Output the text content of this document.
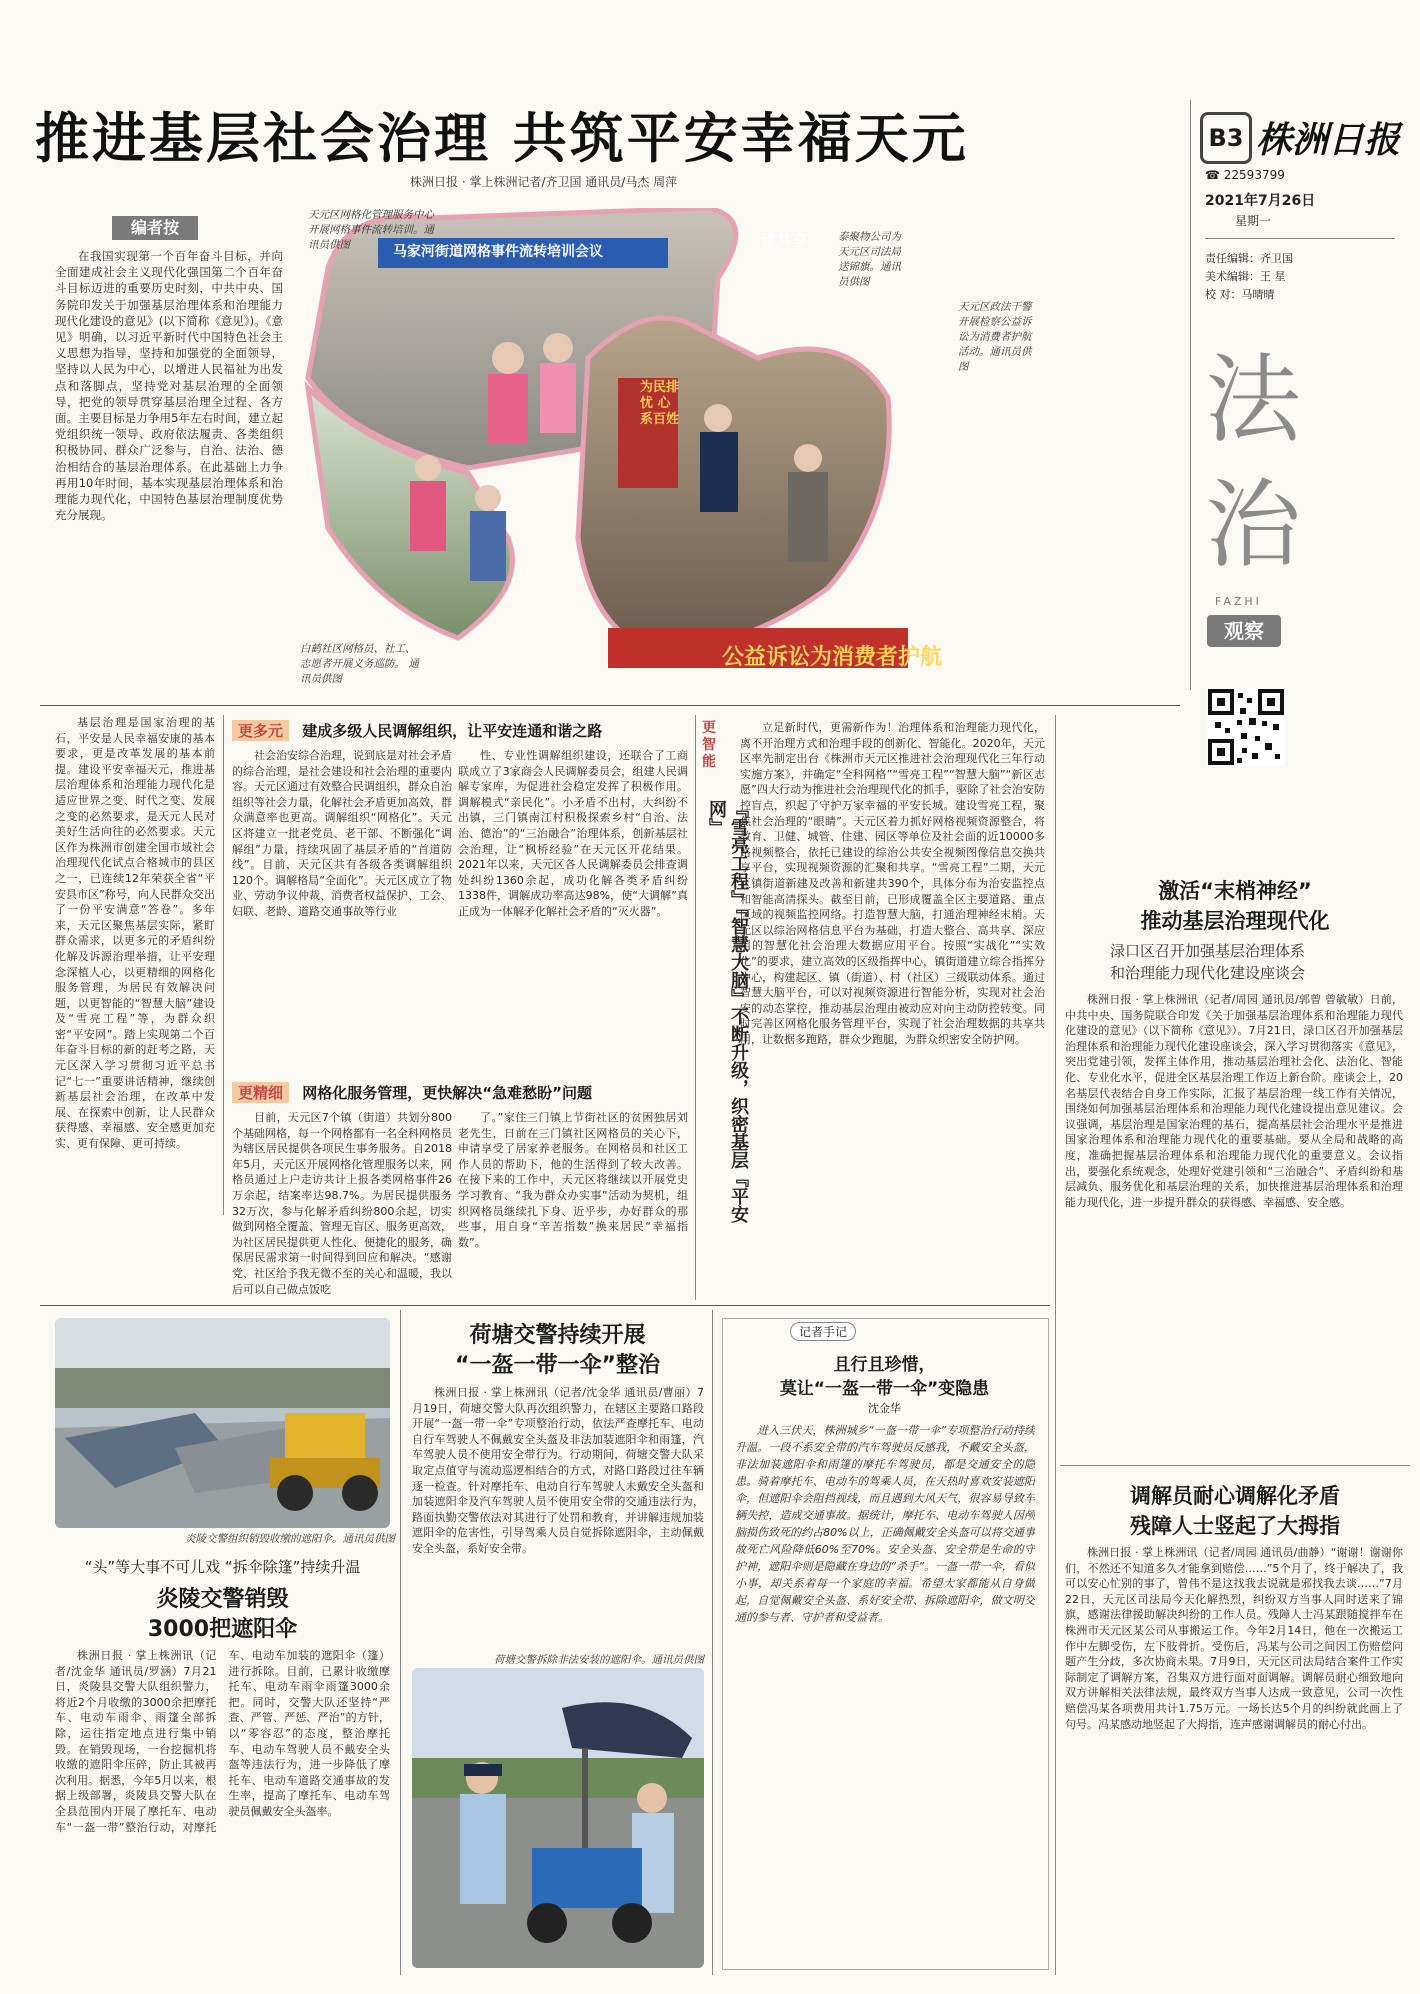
推进基层社会治理 共筑平安幸福天元
株洲日报 · 掌上株洲记者/齐卫国 通讯员/马杰 周萍
B3 株洲日报
☎ 22593799
2021年7月26日
星期一
责任编辑：齐卫国
美术编辑：王 星
校 对：马晴晴
法
治
FAZHI
观察
编者按

在我国实现第一个百年奋斗目标，并向全面建成社会主义现代化强国第二个百年奋斗目标迈进的重要历史时刻，中共中央、国务院印发关于加强基层治理体系和治理能力现代化建设的意见》(以下简称《意见》)。《意见》明确，以习近平新时代中国特色社会主义思想为指导，坚持和加强党的全面领导，坚持以人民为中心，以增进人民福祉为出发点和落脚点，坚持党对基层治理的全面领导，把党的领导贯穿基层治理全过程、各方面。主要目标是力争用5年左右时间，建立起党组织统一领导、政府依法履责、各类组织积极协同、群众广泛参与，自治、法治、德治相结合的基层治理体系。在此基础上力争再用10年时间，基本实现基层治理体系和治理能力现代化，中国特色基层治理制度优势充分展现。

马家河街道网格事件流转培训会议
建共享
为民排忧 心系百姓
公益诉讼为消费者护航
天元区网格化管理服务中心开展网格事件流转培训。通讯员供图
泰聚物公司为天元区司法局送锦旗。通讯员供图
天元区政法干警开展检察公益诉讼为消费者护航活动。通讯员供图
白鹤社区网格员、社工、志愿者开展义务巡防。 通讯员供图

基层治理是国家治理的基石，平安是人民幸福安康的基本要求，更是改革发展的基本前提。建设平安幸福天元，推进基层治理体系和治理能力现代化是适应世界之变、时代之变、发展之变的必然要求，是天元人民对美好生活向往的必然要求。天元区作为株洲市创建全国市域社会治理现代化试点合格城市的县区之一，已连续12年荣获全省“平安县市区”称号，向人民群众交出了一份平安满意“答卷”。多年来，天元区聚焦基层实际，紧盯群众需求，以更多元的矛盾纠纷化解及诉源治理举措，让平安理念深植人心，以更精细的网格化服务管理，为居民有效解决问题，以更智能的“智慧大脑”建设及“雪亮工程”等，为群众织密“平安网”。踏上实现第二个百年奋斗目标的新的赶考之路，天元区深入学习贯彻习近平总书记“七一”重要讲话精神，继续创新基层社会治理，在改革中发展、在探索中创新，让人民群众获得感、幸福感、安全感更加充实、更有保障、更可持续。

更多元 建成多级人民调解组织，让平安连通和谐之路

社会治安综合治理，说到底是对社会矛盾的综合治理，是社会建设和社会治理的重要内容。天元区通过有效整合民调组织，群众自治组织等社会力量，化解社会矛盾更加高效，群众满意率也更高。调解组织“网格化”。天元区将建立一批老党员、老干部、不断强化“调解组”力量，持续巩固了基层矛盾的“首道防线”。目前，天元区共有各级各类调解组织120个。调解格局“全面化”。天元区成立了物业、劳动争议仲裁、消费者权益保护、工会、妇联、老龄、道路交通事故等行业

性、专业性调解组织建设，还联合了工商联成立了3家商会人民调解委员会，组建人民调解专家库，为促进社会稳定发挥了积极作用。调解模式“亲民化”。小矛盾不出村，大纠纷不出镇，三门镇南江村积极探索乡村“自治、法治、德治”的“三治融合”治理体系，创新基层社会治理，让“枫桥经验”在天元区开花结果。2021年以来，天元区各人民调解委员会排查调处纠纷1360余起，成功化解各类矛盾纠纷1338件，调解成功率高达98%，使“大调解”真正成为一体解矛化解社会矛盾的“灭火器”。

更精细 网格化服务管理，更快解决“急难愁盼”问题

目前，天元区7个镇（街道）共划分800个基础网格，每一个网格都有一名全科网格员为辖区居民提供各项民生事务服务。自2018年5月，天元区开展网格化管理服务以来，网格员通过上户走访共计上报各类网格事件26万余起，结案率达98.7%。为居民提供服务32万次，参与化解矛盾纠纷800余起，切实做到网格全覆盖、管理无盲区、服务更高效，为社区居民提供更人性化、便捷化的服务，确保居民需求第一时间得到回应和解决。“感谢党、社区给予我无微不至的关心和温暖，我以后可以自己做点饭吃

了。”家住三门镇上节街社区的贫困独居刘老先生，日前在三门镇社区网格员的关心下，申请享受了居家养老服务。在网格员和社区工作人员的帮助下，他的生活得到了较大改善。在接下来的工作中，天元区将继续以开展党史学习教育、“我为群众办实事”活动为契机，组织网格员继续扎下身、近乎步，办好群众的那些事，用自身“辛苦指数”换来居民“幸福指数”。

更智能
『雪亮工程』『智慧大脑』不断升级，织密基层『平安网』

立足新时代，更需新作为！治理体系和治理能力现代化，离不开治理方式和治理手段的创新化、智能化。2020年，天元区率先制定出台《株洲市天元区推进社会治理现代化三年行动实施方案》，并确定“全科网格”“雪亮工程”“智慧大脑”“新区志愿”四大行动为推进社会治理现代化的抓手，驱除了社会治安防控盲点，织起了守护万家幸福的平安长城。建设雪亮工程，聚焦社会治理的“眼睛”。天元区着力抓好网格视频资源整合，将教育、卫健、城管、住建、园区等单位及社会面的近10000多路视频整合，依托已建设的综治公共安全视频图像信息交换共享平台，实现视频资源的汇聚和共享。“雪亮工程”二期，天元区镇街道新建及改善和新建共390个，具体分布为治安监控点和智能高清探头。截至目前，已形成覆盖全区主要道路、重点区域的视频监控网络。打造智慧大脑，打通治理神经末梢。天元区以综治网格信息平台为基础，打造大整合、高共享、深应用的智慧化社会治理大数据应用平台。按照“实战化”“实效化”的要求，建立高效的区级指挥中心，镇街道建立综合指挥分中心，构建起区、镇（街道）、村（社区）三级联动体系。通过智慧大脑平台，可以对视频资源进行智能分析，实现对社会治安的动态掌控，推动基层治理由被动应对向主动防控转变。同时完善区网格化服务管理平台，实现了社会治理数据的共享共用，让数据多跑路，群众少跑腿，为群众织密安全防护网。

激活“末梢神经”
推动基层治理现代化
渌口区召开加强基层治理体系
和治理能力现代化建设座谈会

株洲日报 · 掌上株洲讯（记者/周园 通讯员/郭曾 曾敏敏）日前，中共中央、国务院联合印发《关于加强基层治理体系和治理能力现代化建设的意见》（以下简称《意见》）。7月21日，渌口区召开加强基层治理体系和治理能力现代化建设座谈会，深入学习贯彻落实《意见》，突出党建引领，发挥主体作用，推动基层治理社会化、法治化、智能化、专业化水平，促进全区基层治理工作迈上新台阶。座谈会上，20名基层代表结合自身工作实际，汇报了基层治理一线工作有关情况，围绕如何加强基层治理体系和治理能力现代化建设提出意见建议。会议强调，基层治理是国家治理的基石，提高基层社会治理水平是推进国家治理体系和治理能力现代化的重要基础。要从全局和战略的高度，准确把握基层治理体系和治理能力现代化的重要意义。会议指出，要强化系统观念，处理好党建引领和“三治融合”、矛盾纠纷和基层减负、服务优化和基层治理的关系，加快推进基层治理体系和治理能力现代化，进一步提升群众的获得感、幸福感、安全感。

调解员耐心调解化矛盾
残障人士竖起了大拇指

株洲日报 · 掌上株洲讯（记者/周园 通讯员/曲静）“谢谢！谢谢你们，不然还不知道多久才能拿到赔偿……”5个月了，终于解决了，我可以安心忙别的事了，曾伟不是这找我去说就是邪找我去谈……”7月22日，天元区司法局今天化解热烈，纠纷双方当事人同时送来了锦旗，感谢法律援助解决纠纷的工作人员。残障人士冯某跟随搅拌车在株洲市天元区某公司从事搬运工作。今年2月14日，他在一次搬运工作中左脚受伤，左下肢骨折。受伤后，冯某与公司之间因工伤赔偿问题产生分歧，多次协商未果。7月9日，天元区司法局结合案件工作实际制定了调解方案，召集双方进行面对面调解。调解员耐心细致地向双方讲解相关法律法规，最终双方当事人达成一致意见，公司一次性赔偿冯某各项费用共计1.75万元。一场长达5个月的纠纷就此画上了句号。冯某感动地竖起了大拇指，连声感谢调解员的耐心付出。

炎陵交警组织销毁收缴的遮阳伞。通讯员供图
“头”等大事不可儿戏 “拆伞除篷”持续升温
炎陵交警销毁
3000把遮阳伞

株洲日报 · 掌上株洲讯（记者/沈金华 通讯员/罗涵）7月21日，炎陵县交警大队组织警力，将近2个月收缴的3000余把摩托车、电动车雨伞、雨篷全部拆除，运往指定地点进行集中销毁。在销毁现场，一台挖掘机将收缴的遮阳伞压碎，防止其被再次利用。据悉，今年5月以来，根据上级部署，炎陵县交警大队在全县范围内开展了摩托车、电动车“一盔一带”整治行动，对摩托车、电动车加装的遮阳伞（篷）进行拆除。目前，已累计收缴摩托车、电动车雨伞雨篷3000余把。同时，交警大队还坚持“严查、严管、严惩、严治”的方针，以“零容忍”的态度，整治摩托车、电动车驾驶人员不戴安全头盔等违法行为，进一步降低了摩托车、电动车道路交通事故的发生率，提高了摩托车、电动车驾驶员佩戴安全头盔率。

荷塘交警持续开展
“一盔一带一伞”整治

株洲日报 · 掌上株洲讯（记者/沈金华 通讯员/曹丽）7月19日，荷塘交警大队再次组织警力，在辖区主要路口路段开展“一盔一带一伞”专项整治行动，依法严查摩托车、电动自行车驾驶人不佩戴安全头盔及非法加装遮阳伞和雨篷，汽车驾驶人员不使用安全带行为。行动期间，荷塘交警大队采取定点值守与流动巡逻相结合的方式，对路口路段过往车辆逐一检查。针对摩托车、电动自行车驾驶人未戴安全头盔和加装遮阳伞及汽车驾驶人员不使用安全带的交通违法行为，路面执勤交警依法对其进行了处罚和教育，并讲解违规加装遮阳伞的危害性，引导驾乘人员自觉拆除遮阳伞，主动佩戴安全头盔，系好安全带。

荷塘交警拆除非法安装的遮阳伞。通讯员供图
记者手记
且行且珍惜，
莫让“一盔一带一伞”变隐患
沈金华

进入三伏天，株洲城乡“一盔一带一伞”专项整治行动持续升温。一段不系安全带的汽车驾驶员反感我，不戴安全头盔，非法加装遮阳伞和雨篷的摩托车驾驶员，都是交通安全的隐患。骑着摩托车、电动车的驾乘人员，在天热时喜欢安装遮阳伞，但遮阳伞会阻挡视线，而且遇到大风天气，很容易导致车辆失控，造成交通事故。据统计，摩托车、电动车驾驶人因颅脑损伤致死的约占80%以上，正确佩戴安全头盔可以将交通事故死亡风险降低60%至70%。安全头盔、安全带是生命的守护神，遮阳伞则是隐藏在身边的“杀手”。一盔一带一伞，看似小事，却关系着每一个家庭的幸福。希望大家都能从自身做起，自觉佩戴安全头盔、系好安全带、拆除遮阳伞，做文明交通的参与者、守护者和受益者。
